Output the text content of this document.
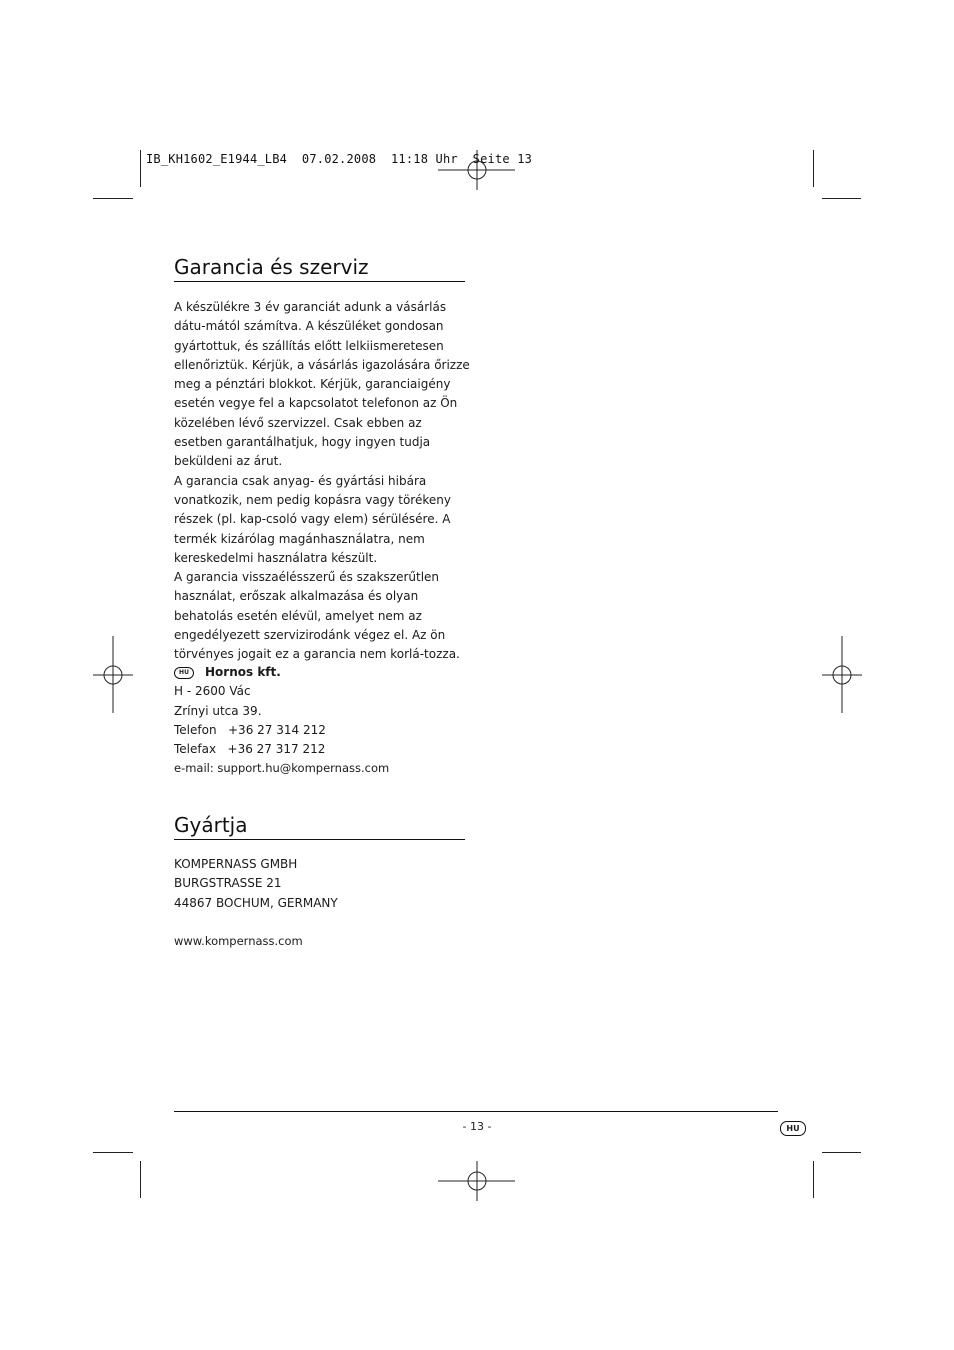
IB_KH1602_E1944_LB4  07.02.2008  11:18 Uhr  Seite 13
Garancia és szerviz

A készülékre 3 év garanciát adunk a vásárlás dátu-mától számítva. A készüléket gondosan gyártottuk, és szállítás előtt lelkiismeretesen ellenőriztük. Kérjük, a vásárlás igazolására őrizze meg a pénztári blokkot. Kérjük, garanciaigény esetén vegye fel a kapcsolatot telefonon az Ön közelében lévő szervizzel. Csak ebben az esetben garantálhatjuk, hogy ingyen tudja beküldeni az árut.

A garancia csak anyag- és gyártási hibára vonatkozik, nem pedig kopásra vagy törékeny részek (pl. kap-csoló vagy elem) sérülésére. A termék kizárólag magánhasználatra, nem kereskedelmi használatra készült.

A garancia visszaélésszerű és szakszerűtlen használat, erőszak alkalmazása és olyan behatolás esetén elévül, amelyet nem az engedélyezett szervizirodánk végez el. Az ön törvényes jogait ez a garancia nem korlá-tozza.

HU Hornos kft.
H - 2600 Vác
Zrínyi utca 39.
Telefon   +36 27 314 212
Telefax   +36 27 317 212
e-mail: support.hu@kompernass.com
Gyártja
KOMPERNASS GMBH
BURGSTRASSE 21
44867 BOCHUM, GERMANY
www.kompernass.com
- 13 -	HU
